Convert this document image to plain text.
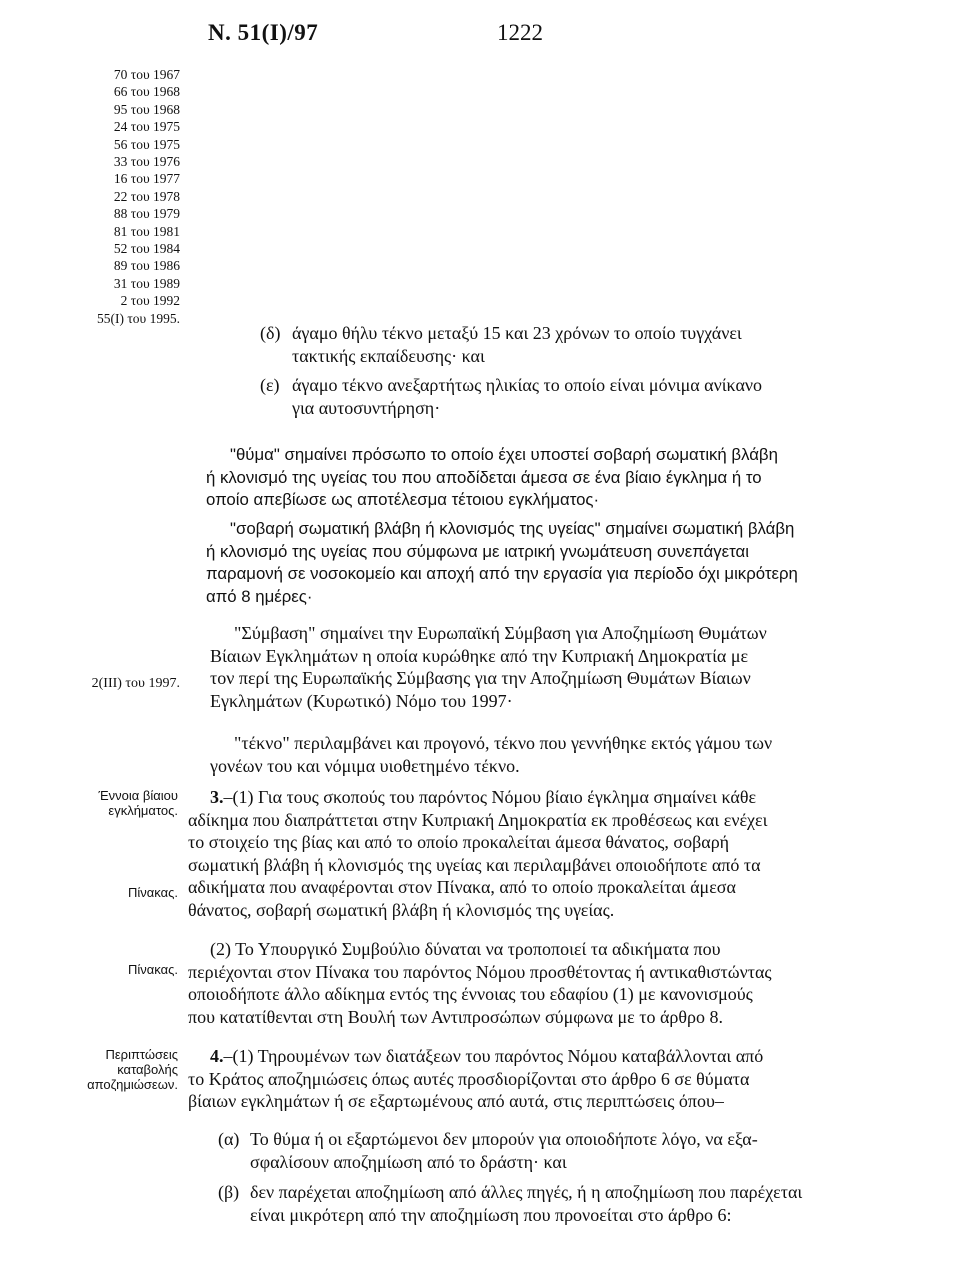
Ν. 51(Ι)/97	1222
70 του 1967
66 του 1968
95 του 1968
24 του 1975
56 του 1975
33 του 1976
16 του 1977
22 του 1978
88 του 1979
81 του 1981
52 του 1984
89 του 1986
31 του 1989
2 του 1992
55(Ι) του 1995.
(δ) άγαμο θήλυ τέκνο μεταξύ 15 και 23 χρόνων το οποίο τυγχάνει
τακτικής εκπαίδευσης· και
(ε) άγαμο τέκνο ανεξαρτήτως ηλικίας το οποίο είναι μόνιμα ανίκανο
για αυτοσυντήρηση·
"θύμα" σημαίνει πρόσωπο το οποίο έχει υποστεί σοβαρή σωματική βλάβη
ή κλονισμό της υγείας του που αποδίδεται άμεσα σε ένα βίαιο έγκλημα ή το
οποίο απεβίωσε ως αποτέλεσμα τέτοιου εγκλήματος·
"σοβαρή σωματική βλάβη ή κλονισμός της υγείας" σημαίνει σωματική βλάβη
ή κλονισμό της υγείας που σύμφωνα με ιατρική γνωμάτευση συνεπάγεται
παραμονή σε νοσοκομείο και αποχή από την εργασία για περίοδο όχι μικρότερη
από 8 ημέρες·
"Σύμβαση" σημαίνει την Ευρωπαϊκή Σύμβαση για Αποζημίωση Θυμάτων
Βίαιων Εγκλημάτων η οποία κυρώθηκε από την Κυπριακή Δημοκρατία με
τον περί της Ευρωπαϊκής Σύμβασης για την Αποζημίωση Θυμάτων Βίαιων
Εγκλημάτων (Κυρωτικό) Νόμο του 1997·
2(ΙΙΙ) του 1997.
"τέκνο" περιλαμβάνει και προγονό, τέκνο που γεννήθηκε εκτός γάμου των
γονέων του και νόμιμα υιοθετημένο τέκνο.
Έννοια βίαιου
εγκλήματος.
Πίνακας.
Πίνακας.
Περιπτώσεις
καταβολής
αποζημιώσεων.
3.–(1) Για τους σκοπούς του παρόντος Νόμου βίαιο έγκλημα σημαίνει κάθε
αδίκημα που διαπράττεται στην Κυπριακή Δημοκρατία εκ προθέσεως και ενέχει
το στοιχείο της βίας και από το οποίο προκαλείται άμεσα θάνατος, σοβαρή
σωματική βλάβη ή κλονισμός της υγείας και περιλαμβάνει οποιοδήποτε από τα
αδικήματα που αναφέρονται στον Πίνακα, από το οποίο προκαλείται άμεσα
θάνατος, σοβαρή σωματική βλάβη ή κλονισμός της υγείας.
(2) Το Υπουργικό Συμβούλιο δύναται να τροποποιεί τα αδικήματα που
περιέχονται στον Πίνακα του παρόντος Νόμου προσθέτοντας ή αντικαθιστώντας
οποιοδήποτε άλλο αδίκημα εντός της έννοιας του εδαφίου (1) με κανονισμούς
που κατατίθενται στη Βουλή των Αντιπροσώπων σύμφωνα με το άρθρο 8.
4.–(1) Τηρουμένων των διατάξεων του παρόντος Νόμου καταβάλλονται από
το Κράτος αποζημιώσεις όπως αυτές προσδιορίζονται στο άρθρο 6 σε θύματα
βίαιων εγκλημάτων ή σε εξαρτωμένους από αυτά, στις περιπτώσεις όπου–
(α) Το θύμα ή οι εξαρτώμενοι δεν μπορούν για οποιοδήποτε λόγο, να εξα-
σφαλίσουν αποζημίωση από το δράστη· και
(β) δεν παρέχεται αποζημίωση από άλλες πηγές, ή η αποζημίωση που παρέχεται
είναι μικρότερη από την αποζημίωση που προνοείται στο άρθρο 6:
